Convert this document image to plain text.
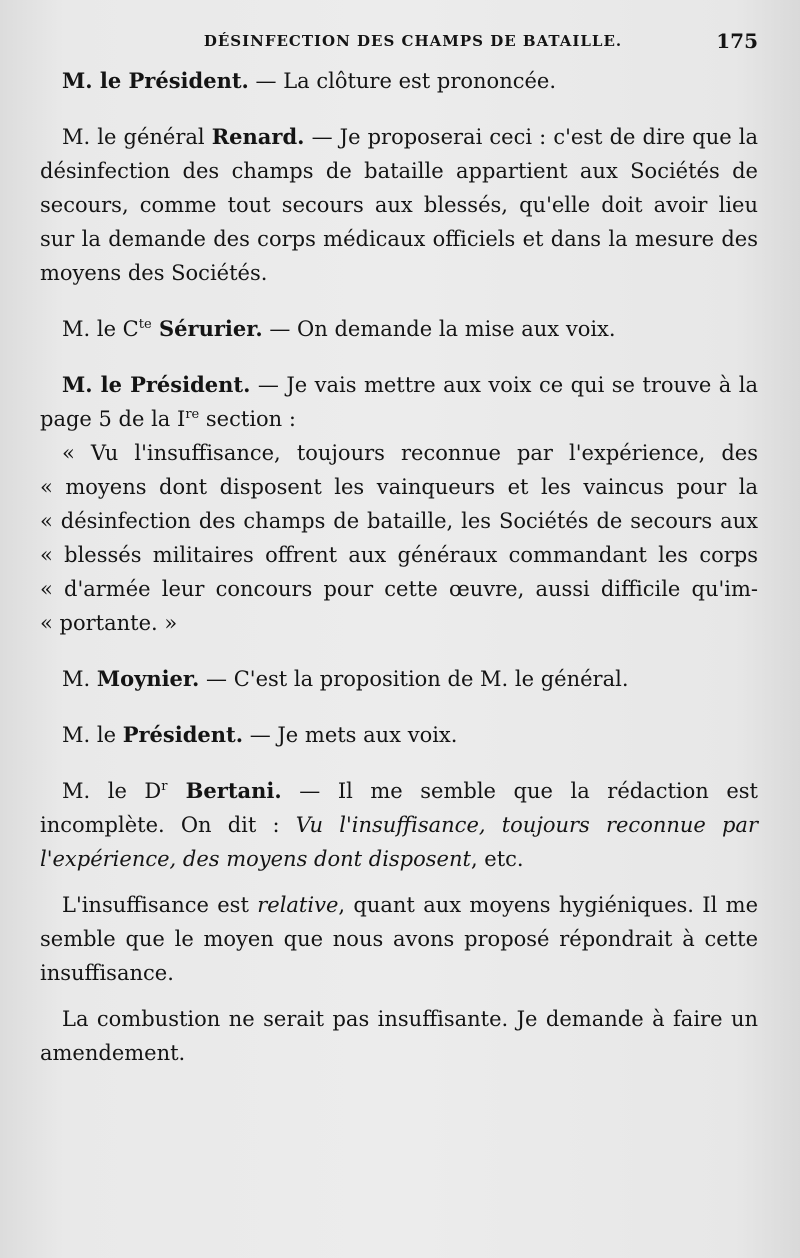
DÉSINFECTION DES CHAMPS DE BATAILLE.	175

M. le Président. — La clôture est prononcée.

M. le général Renard. — Je proposerai ceci : c'est de dire que la désinfection des champs de bataille appartient aux Sociétés de secours, comme tout secours aux blessés, qu'elle doit avoir lieu sur la demande des corps médicaux officiels et dans la mesure des moyens des Sociétés.

M. le $C^{te}$ Sérurier. — On demande la mise aux voix.

M. le Président. — Je vais mettre aux voix ce qui se trouve à la page 5 de la Ire section :

« Vu l'insuffisance, toujours reconnue par l'expérience, des
« moyens dont disposent les vainqueurs et les vaincus pour la
« désinfection des champs de bataille, les Sociétés de secours aux
« blessés militaires offrent aux généraux commandant les corps
« d'armée leur concours pour cette œuvre, aussi difficile qu'im-
« portante. »

M. Moynier. — C'est la proposition de M. le général.

M. le Président. — Je mets aux voix.

M. le $D^r$ Bertani. — Il me semble que la rédaction est incomplète. On dit : Vu l'insuffisance, toujours reconnue par l'expérience, des moyens dont disposent, etc.

L'insuffisance est relative, quant aux moyens hygiéniques. Il me semble que le moyen que nous avons proposé répondrait à cette insuffisance.

La combustion ne serait pas insuffisante. Je demande à faire un amendement.
